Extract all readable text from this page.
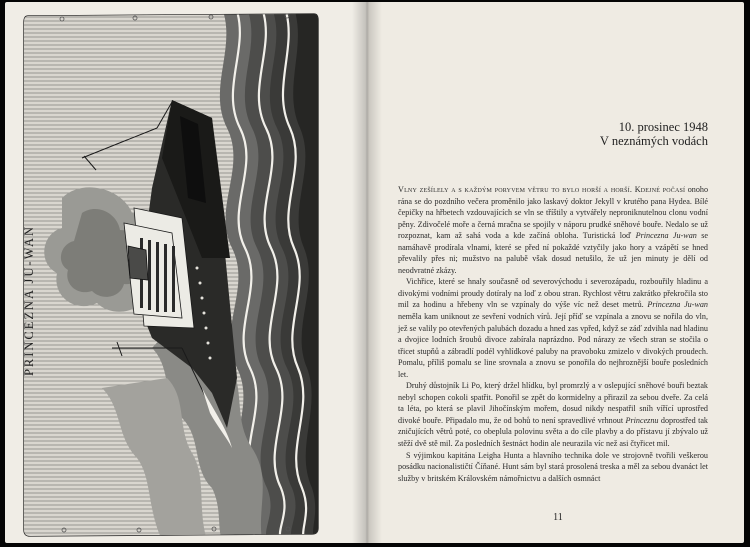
PRINCEZNA JU-WAN
10. prosinec 1948
V neznámých vodách

Vlny zešílely a s každým poryvem větru to bylo horší a horší. Kdejné počasí onoho rána se do pozdního večera proměnilo jako laskavý doktor Jekyll v krutého pana Hydea. Bílé čepičky na hřbetech vzdouvajících se vln se tříštily a vytvářely neproniknutelnou clonu vodní pěny. Zdivočelé moře a černá mračna se spojily v náporu prudké sněhové bouře. Nedalo se už rozpoznat, kam až sahá voda a kde začíná obloha. Turistická loď Princezna Ju-wan se namáhavě prodírala vlnami, které se před ní pokaždé vztyčily jako hory a vzápětí se hned převalily přes ni; mužstvo na palubě však dosud netušilo, že už jen minuty je dělí od neodvratné zkázy.

Vichřice, které se hnaly současně od severovýchodu i severozápadu, rozbouřily hladinu a divokými vodními proudy dotíraly na loď z obou stran. Rychlost větru zakrátko překročila sto mil za hodinu a hřebeny vln se vzpínaly do výše víc než deset metrů. Princezna Ju-wan neměla kam uniknout ze sevření vodních vírů. Její příď se vzpínala a znovu se nořila do vln, jež se valily po otevřených palubách dozadu a hned zas vpřed, když se záď zdvihla nad hladinu a dvojice lodních šroubů divoce zabírala naprázdno. Pod nárazy ze všech stran se stočila o třicet stupňů a zábradlí podél vyhlídkové paluby na pravoboku zmizelo v divokých proudech. Pomalu, příliš pomalu se line srovnala a znovu se ponořila do nejhroznější bouře posledních let.

Druhý důstojník Li Po, který držel hlídku, byl promrzlý a v oslepující sněhové bouři beztak nebyl schopen cokoli spatřit. Ponořil se zpět do kormidelny a přirazil za sebou dveře. Za celá ta léta, po která se plavil Jihočínským mořem, dosud nikdy nespatřil sníh vířící uprostřed divoké bouře. Připadalo mu, že od bohů to není spravedlivé vrhnout Princeznu doprostřed tak zničujících větrů poté, co obeplula polovinu světa a do cíle plavby a do přístavu jí zbývalo už stěží dvě stě mil. Za posledních šestnáct hodin ale neurazila víc než asi čtyřicet mil.

S výjimkou kapitána Leigha Hunta a hlavního technika dole ve strojovně tvořili veškerou posádku nacionalističtí Číňané. Hunt sám byl stará prosolená treska a měl za sebou dvanáct let služby v britském Královském námořnictvu a dalších osmnáct

11
